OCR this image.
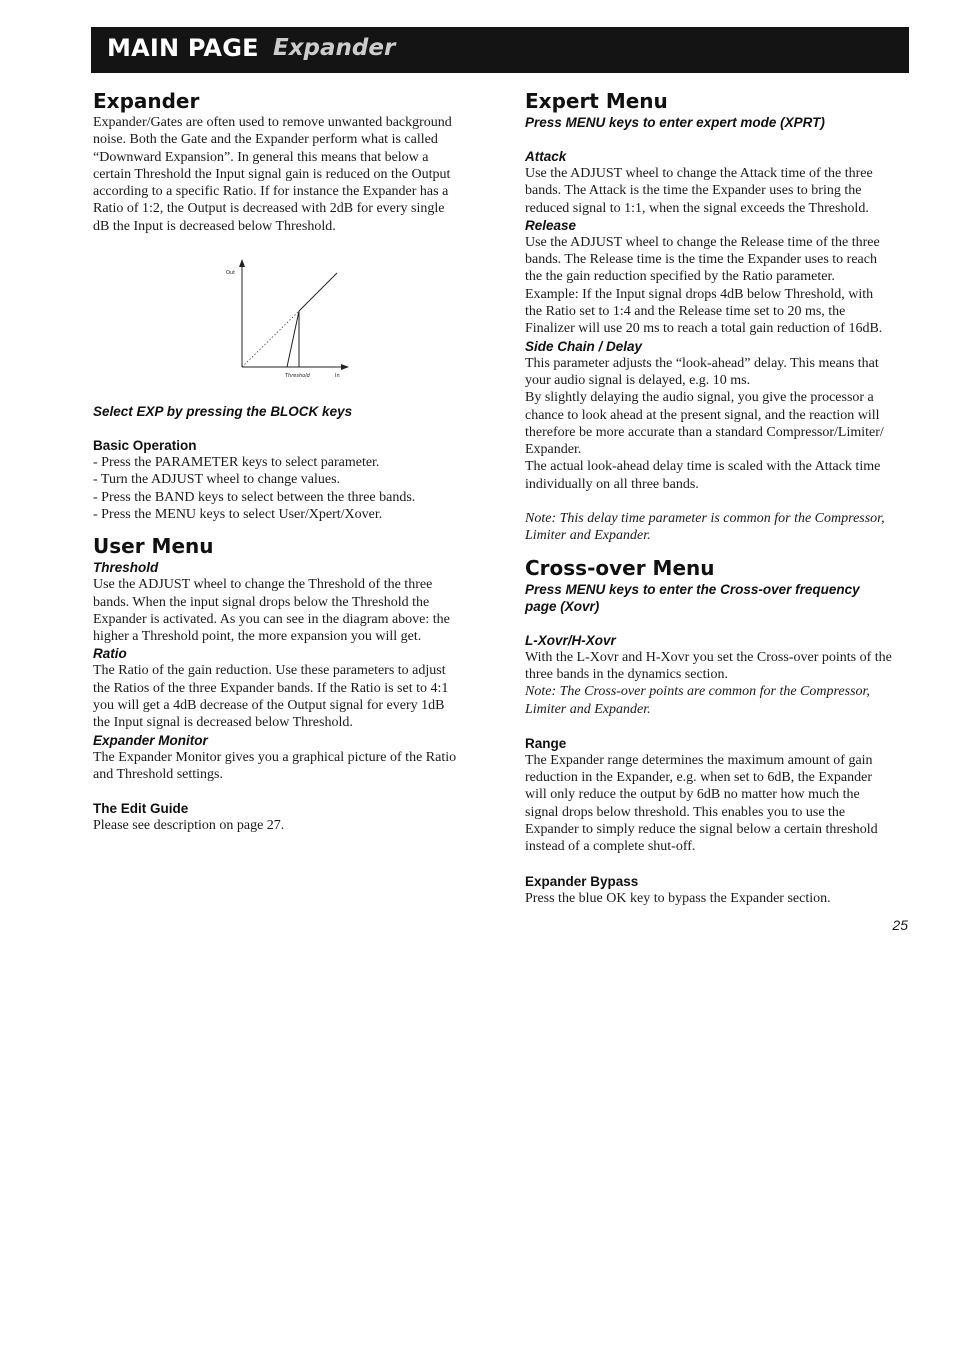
MAIN PAGE Expander
Expander
Expander/Gates are often used to remove unwanted background
noise. Both the Gate and the Expander perform what is called
“Downward Expansion”. In general this means that below a
certain Threshold the Input signal gain is reduced on the Output
according to a specific Ratio. If for instance the Expander has a
Ratio of 1:2, the Output is decreased with 2dB for every single
dB the Input is decreased below Threshold.
Out
Threshold	In
Select EXP by pressing the BLOCK keys
Basic Operation
- Press the PARAMETER keys to select parameter.
- Turn the ADJUST wheel to change values.
- Press the BAND keys to select between the three bands.
- Press the MENU keys to select User/Xpert/Xover.
User Menu
Threshold
Use the ADJUST wheel to change the Threshold of the three
bands. When the input signal drops below the Threshold the
Expander is activated. As you can see in the diagram above: the
higher a Threshold point, the more expansion you will get.
Ratio
The Ratio of the gain reduction. Use these parameters to adjust
the Ratios of the three Expander bands. If the Ratio is set to 4:1
you will get a 4dB decrease of the Output signal for every 1dB
the Input signal is decreased below Threshold.
Expander Monitor
The Expander Monitor gives you a graphical picture of the Ratio
and Threshold settings.
The Edit Guide
Please see description on page 27.
Expert Menu
Press MENU keys to enter expert mode (XPRT)
Attack
Use the ADJUST wheel to change the Attack time of the three
bands. The Attack is the time the Expander uses to bring the
reduced signal to 1:1, when the signal exceeds the Threshold.
Release
Use the ADJUST wheel to change the Release time of the three
bands. The Release time is the time the Expander uses to reach
the the gain reduction specified by the Ratio parameter.
Example: If the Input signal drops 4dB below Threshold, with
the Ratio set to 1:4 and the Release time set to 20 ms, the
Finalizer will use 20 ms to reach a total gain reduction of 16dB.
Side Chain / Delay
This parameter adjusts the “look-ahead” delay. This means that
your audio signal is delayed, e.g. 10 ms.
By slightly delaying the audio signal, you give the processor a
chance to look ahead at the present signal, and the reaction will
therefore be more accurate than a standard Compressor/Limiter/
Expander.
The actual look-ahead delay time is scaled with the Attack time
individually on all three bands.
Note: This delay time parameter is common for the Compressor,
Limiter and Expander.
Cross-over Menu
Press MENU keys to enter the Cross-over frequency
page (Xovr)
L-Xovr/H-Xovr
With the L-Xovr and H-Xovr you set the Cross-over points of the
three bands in the dynamics section.
Note: The Cross-over points are common for the Compressor,
Limiter and Expander.
Range
The Expander range determines the maximum amount of gain
reduction in the Expander, e.g. when set to 6dB, the Expander
will only reduce the output by 6dB no matter how much the
signal drops below threshold. This enables you to use the
Expander to simply reduce the signal below a certain threshold
instead of a complete shut-off.
Expander Bypass
Press the blue OK key to bypass the Expander section.
25
